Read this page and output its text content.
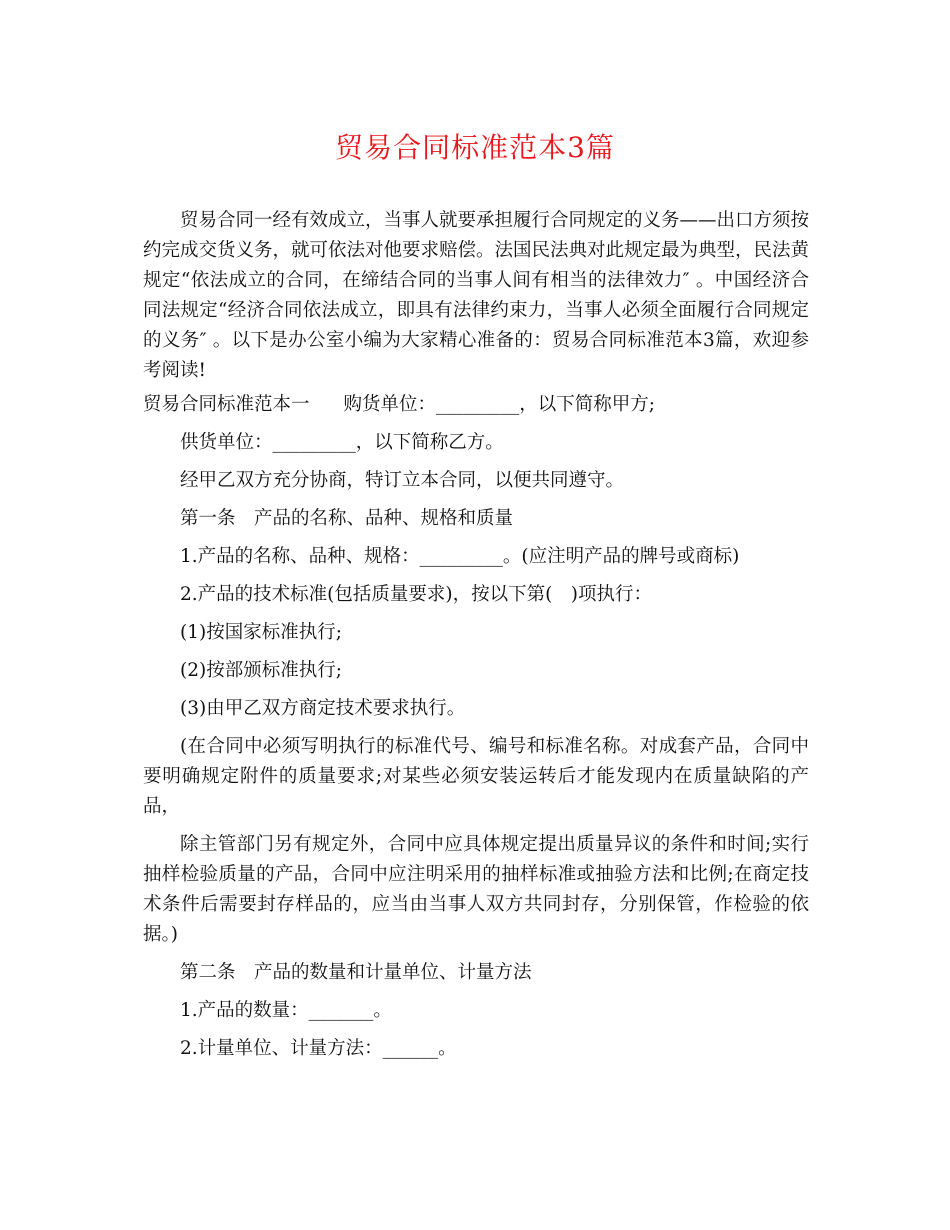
贸易合同标准范本3篇

贸易合同一经有效成立，当事人就要承担履行合同规定的义务——出口方须按约完成交货义务，就可依法对他要求赔偿。法国民法典对此规定最为典型，民法黄规定“依法成立的合同，在缔结合同的当事人间有相当的法律效力″ 。中国经济合同法规定“经济合同依法成立，即具有法律约束力，当事人必须全面履行合同规定的义务″ 。以下是办公室小编为大家精心准备的：贸易合同标准范本3篇，欢迎参考阅读!

贸易合同标准范本一 购货单位：_________，以下简称甲方;

供货单位：_________，以下简称乙方。

经甲乙双方充分协商，特订立本合同，以便共同遵守。

第一条　产品的名称、品种、规格和质量

1.产品的名称、品种、规格：_________。(应注明产品的牌号或商标)

2.产品的技术标准(包括质量要求)，按以下第(　)项执行：

(1)按国家标准执行;

(2)按部颁标准执行;

(3)由甲乙双方商定技术要求执行。

(在合同中必须写明执行的标准代号、编号和标准名称。对成套产品，合同中要明确规定附件的质量要求;对某些必须安装运转后才能发现内在质量缺陷的产品，

除主管部门另有规定外，合同中应具体规定提出质量异议的条件和时间;实行抽样检验质量的产品，合同中应注明采用的抽样标准或抽验方法和比例;在商定技术条件后需要封存样品的，应当由当事人双方共同封存，分别保管，作检验的依据。)

第二条　产品的数量和计量单位、计量方法

1.产品的数量：_______。

2.计量单位、计量方法：______。
